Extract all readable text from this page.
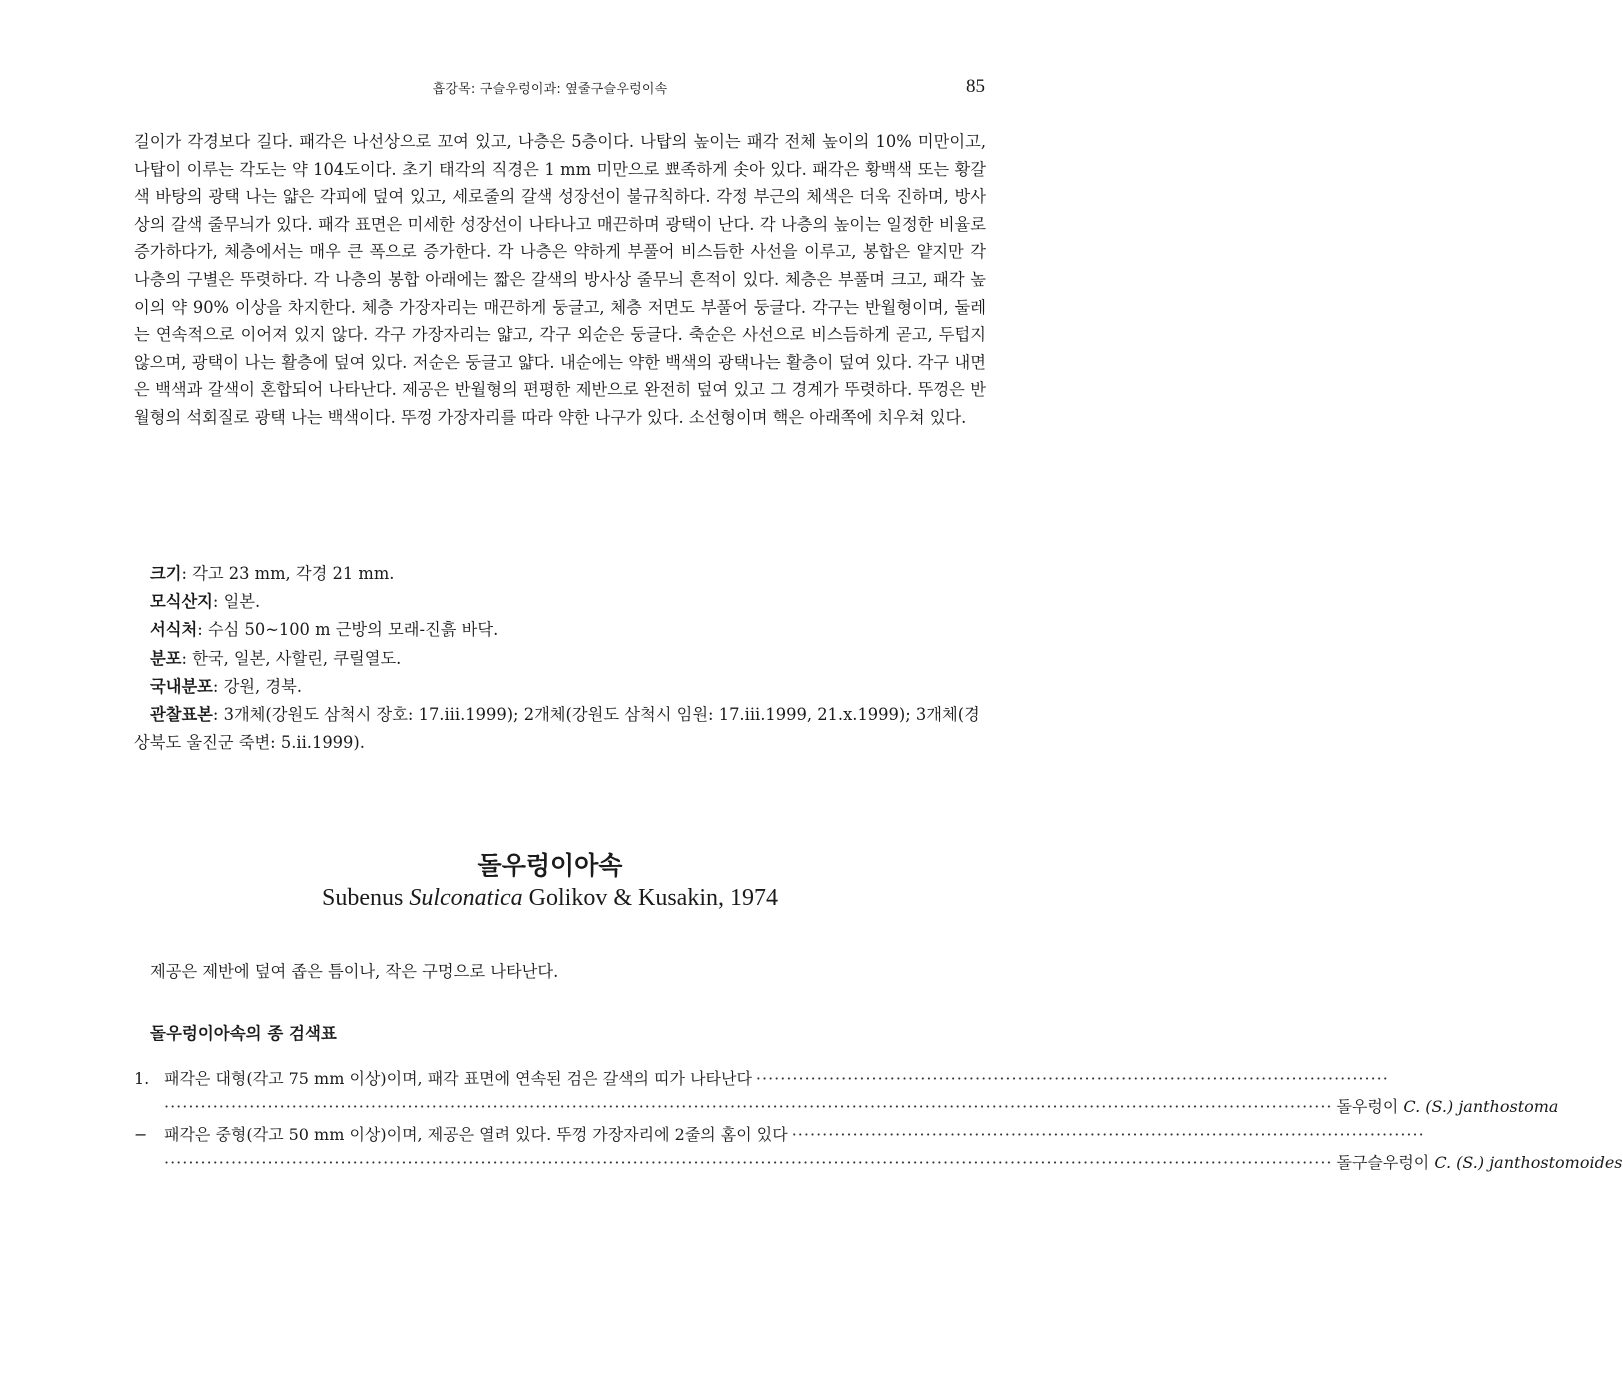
흡강목: 구슬우렁이과: 옆줄구슬우렁이속	85

길이가 각경보다 길다. 패각은 나선상으로 꼬여 있고, 나층은 5층이다. 나탑의 높이는 패각 전체 높이의 10% 미만이고, 나탑이 이루는 각도는 약 104도이다. 초기 태각의 직경은 1 mm 미만으로 뾰족하게 솟아 있다. 패각은 황백색 또는 황갈색 바탕의 광택 나는 얇은 각피에 덮여 있고, 세로줄의 갈색 성장선이 불규칙하다. 각정 부근의 체색은 더욱 진하며, 방사상의 갈색 줄무늬가 있다. 패각 표면은 미세한 성장선이 나타나고 매끈하며 광택이 난다. 각 나층의 높이는 일정한 비율로 증가하다가, 체층에서는 매우 큰 폭으로 증가한다. 각 나층은 약하게 부풀어 비스듬한 사선을 이루고, 봉합은 얕지만 각 나층의 구별은 뚜렷하다. 각 나층의 봉합 아래에는 짧은 갈색의 방사상 줄무늬 흔적이 있다. 체층은 부풀며 크고, 패각 높이의 약 90% 이상을 차지한다. 체층 가장자리는 매끈하게 둥글고, 체층 저면도 부풀어 둥글다. 각구는 반월형이며, 둘레는 연속적으로 이어져 있지 않다. 각구 가장자리는 얇고, 각구 외순은 둥글다. 축순은 사선으로 비스듬하게 곧고, 두텁지 않으며, 광택이 나는 활층에 덮여 있다. 저순은 둥글고 얇다. 내순에는 약한 백색의 광택나는 활층이 덮여 있다. 각구 내면은 백색과 갈색이 혼합되어 나타난다. 제공은 반월형의 편평한 제반으로 완전히 덮여 있고 그 경계가 뚜렷하다. 뚜껑은 반월형의 석회질로 광택 나는 백색이다. 뚜껑 가장자리를 따라 약한 나구가 있다. 소선형이며 핵은 아래쪽에 치우쳐 있다.

크기: 각고 23 mm, 각경 21 mm.
모식산지: 일본.
서식처: 수심 50~100 m 근방의 모래-진흙 바닥.
분포: 한국, 일본, 사할린, 쿠릴열도.
국내분포: 강원, 경북.
관찰표본: 3개체(강원도 삼척시 장호: 17.iii.1999); 2개체(강원도 삼척시 임원: 17.iii.1999, 21.x.1999); 3개체(경상북도 울진군 죽변: 5.ii.1999).
돌우렁이아속
Subenus Sulconatica Golikov & Kusakin, 1974
제공은 제반에 덮여 좁은 틈이나, 작은 구멍으로 나타난다.
돌우렁이아속의 종 검색표
1. 패각은 대형(각고 75 mm 이상)이며, 패각 표면에 연속된 검은 갈색의 띠가 나타난다 ········································································································
································································································································································································ 돌우렁이 C. (S.) janthostoma
−	패각은 중형(각고 50 mm 이상)이며, 제공은 열려 있다. 뚜껑 가장자리에 2줄의 홈이 있다 ········································································································
································································································································································································ 돌구슬우렁이 C. (S.) janthostomoides
